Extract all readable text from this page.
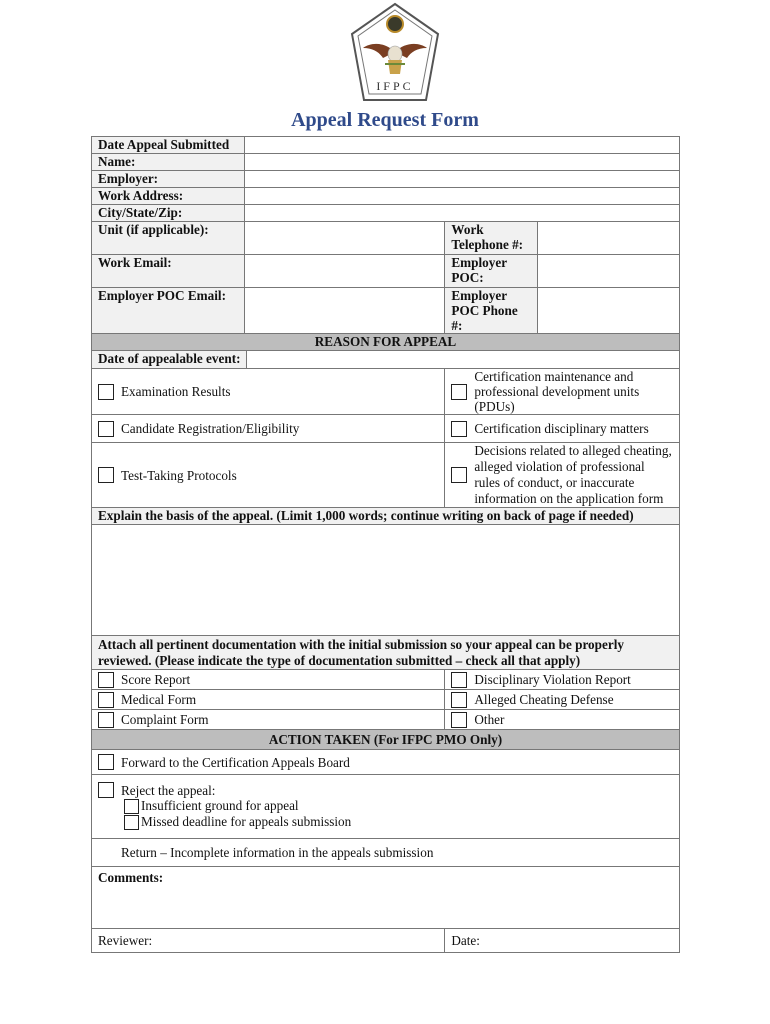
IFPC
Appeal Request Form
Date Appeal Submitted			
Name:			
Employer:			
Work Address:			
City/State/Zip:			
Unit (if applicable):		Work Telephone #:	
Work Email:		Employer POC:	
Employer POC Email:		Employer POC Phone #:	
REASON FOR APPEAL			

Date of appealable event:			

Examination Results		Certification maintenance and professional development units (PDUs)	

Candidate Registration/Eligibility		Certification disciplinary matters	

Test-Taking Protocols		Decisions related to alleged cheating, alleged violation of professional rules of conduct, or inaccurate information on the application form	

Explain the basis of the appeal. (Limit 1,000 words; continue writing on back of page if needed)			

Attach all pertinent documentation with the initial submission so your appeal can be properly reviewed. (Please indicate the type of documentation submitted – check all that apply)			

Score Report		Disciplinary Violation Report	

Medical Form		Alleged Cheating Defense	

Complaint Form		Other	

ACTION TAKEN (For IFPC PMO Only)			

Forward to the Certification Appeals Board			

Reject the appeal:
Insufficient ground for appeal
Missed deadline for appeals submission			

Return – Incomplete information in the appeals submission			
Comments:			
Reviewer:		Date:	
